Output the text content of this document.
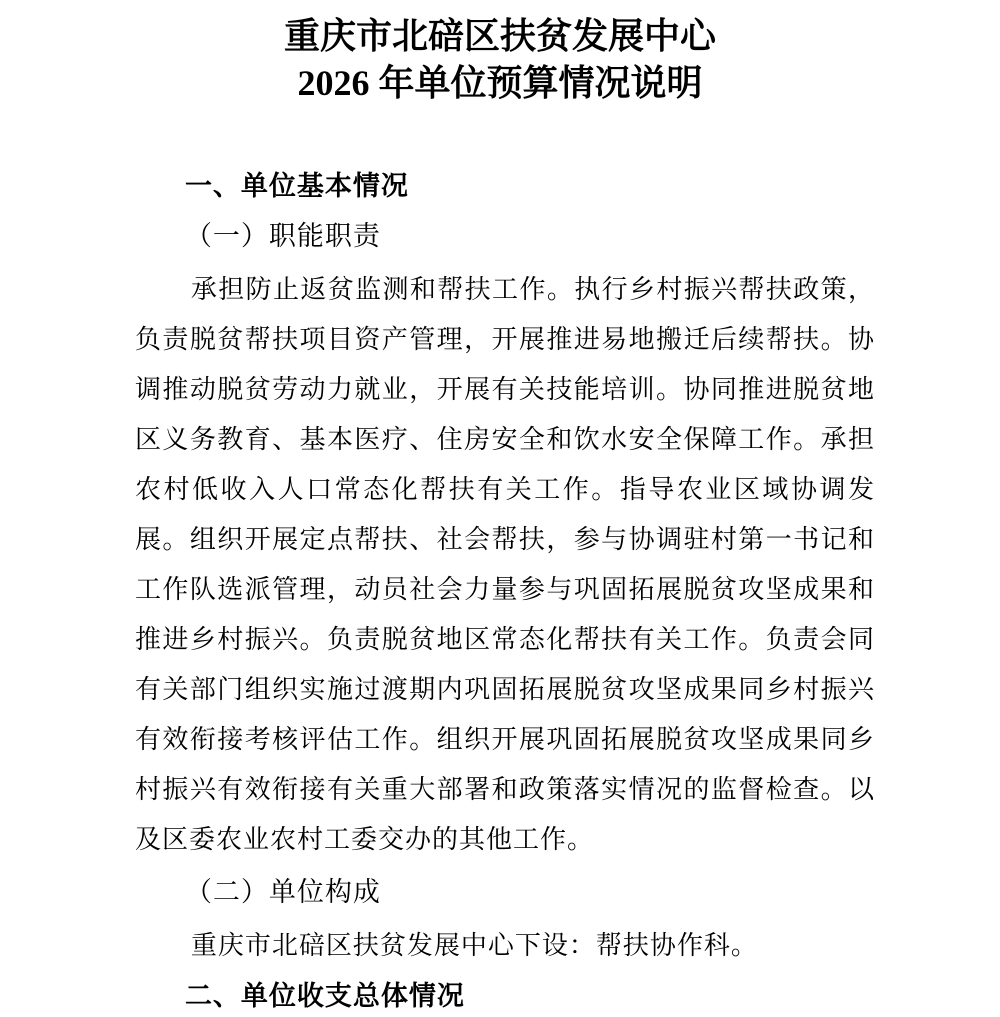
重庆市北碚区扶贫发展中心
2026 年单位预算情况说明
一、单位基本情况
（一）职能职责

承担防止返贫监测和帮扶工作。执行乡村振兴帮扶政策，负责脱贫帮扶项目资产管理，开展推进易地搬迁后续帮扶。协调推动脱贫劳动力就业，开展有关技能培训。协同推进脱贫地区义务教育、基本医疗、住房安全和饮水安全保障工作。承担农村低收入人口常态化帮扶有关工作。指导农业区域协调发展。组织开展定点帮扶、社会帮扶，参与协调驻村第一书记和工作队选派管理，动员社会力量参与巩固拓展脱贫攻坚成果和推进乡村振兴。负责脱贫地区常态化帮扶有关工作。负责会同有关部门组织实施过渡期内巩固拓展脱贫攻坚成果同乡村振兴有效衔接考核评估工作。组织开展巩固拓展脱贫攻坚成果同乡村振兴有效衔接有关重大部署和政策落实情况的监督检查。以及区委农业农村工委交办的其他工作。

（二）单位构成

重庆市北碚区扶贫发展中心下设：帮扶协作科。

二、单位收支总体情况
